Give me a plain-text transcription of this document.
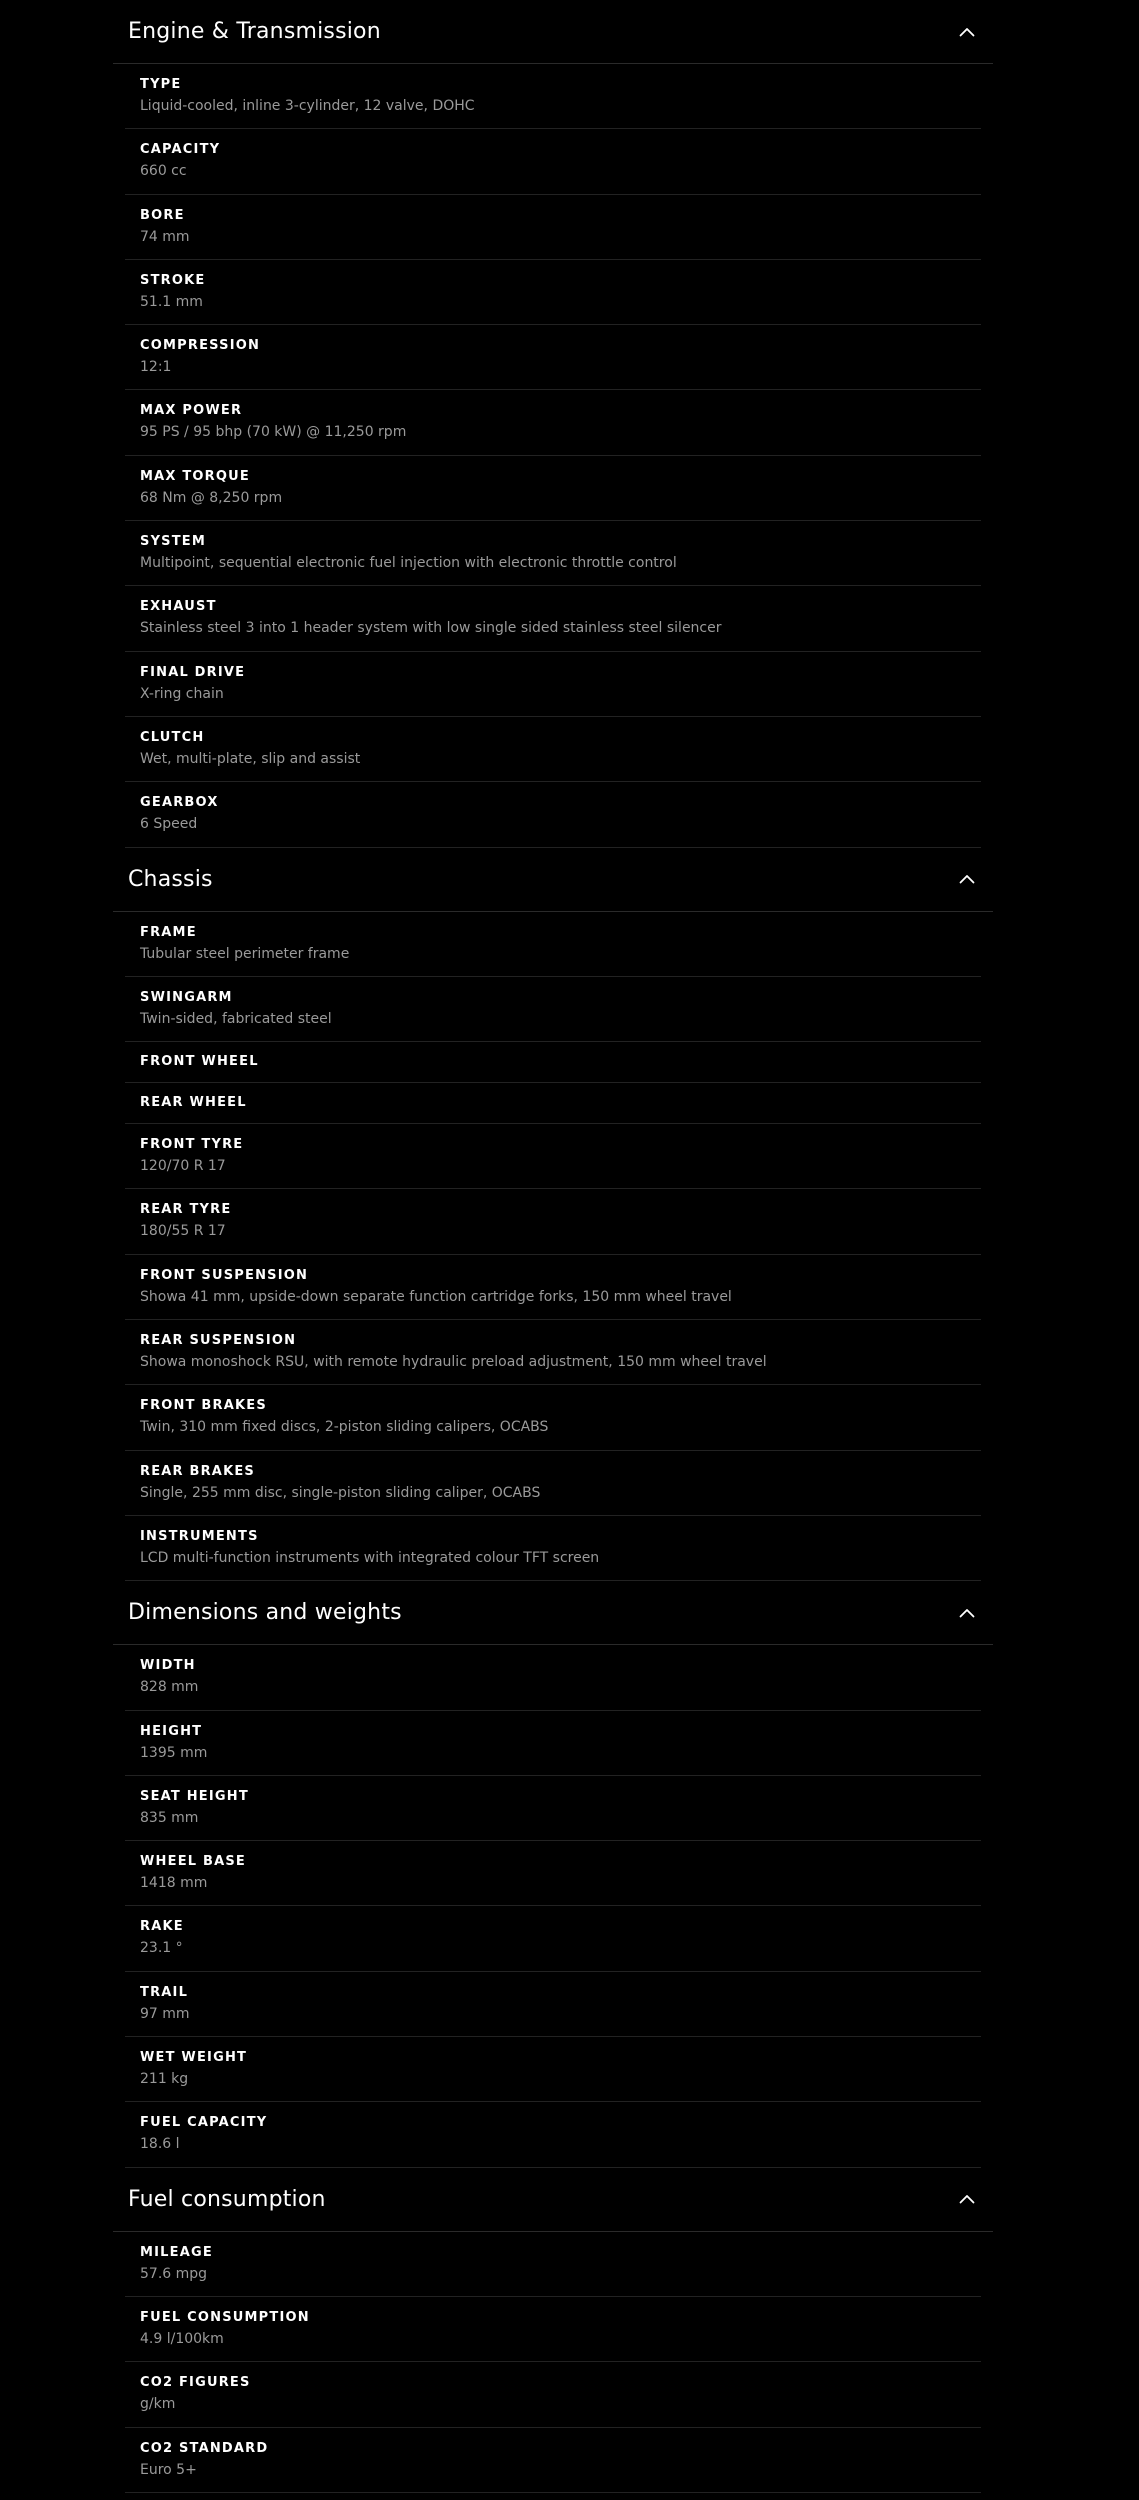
Engine & Transmission
TYPE
Liquid-cooled, inline 3-cylinder, 12 valve, DOHC
CAPACITY
660 cc
BORE
74 mm
STROKE
51.1 mm
COMPRESSION
12:1
MAX POWER
95 PS / 95 bhp (70 kW) @ 11,250 rpm
MAX TORQUE
68 Nm @ 8,250 rpm
SYSTEM
Multipoint, sequential electronic fuel injection with electronic throttle control
EXHAUST
Stainless steel 3 into 1 header system with low single sided stainless steel silencer
FINAL DRIVE
X-ring chain
CLUTCH
Wet, multi-plate, slip and assist
GEARBOX
6 Speed
Chassis
FRAME
Tubular steel perimeter frame
SWINGARM
Twin-sided, fabricated steel
FRONT WHEEL
REAR WHEEL
FRONT TYRE
120/70 R 17
REAR TYRE
180/55 R 17
FRONT SUSPENSION
Showa 41 mm, upside-down separate function cartridge forks, 150 mm wheel travel
REAR SUSPENSION
Showa monoshock RSU, with remote hydraulic preload adjustment, 150 mm wheel travel
FRONT BRAKES
Twin, 310 mm fixed discs, 2-piston sliding calipers, OCABS
REAR BRAKES
Single, 255 mm disc, single-piston sliding caliper, OCABS
INSTRUMENTS
LCD multi-function instruments with integrated colour TFT screen
Dimensions and weights
WIDTH
828 mm
HEIGHT
1395 mm
SEAT HEIGHT
835 mm
WHEEL BASE
1418 mm
RAKE
23.1 °
TRAIL
97 mm
WET WEIGHT
211 kg
FUEL CAPACITY
18.6 l
Fuel consumption
MILEAGE
57.6 mpg
FUEL CONSUMPTION
4.9 l/100km
CO2 FIGURES
g/km
CO2 STANDARD
Euro 5+
